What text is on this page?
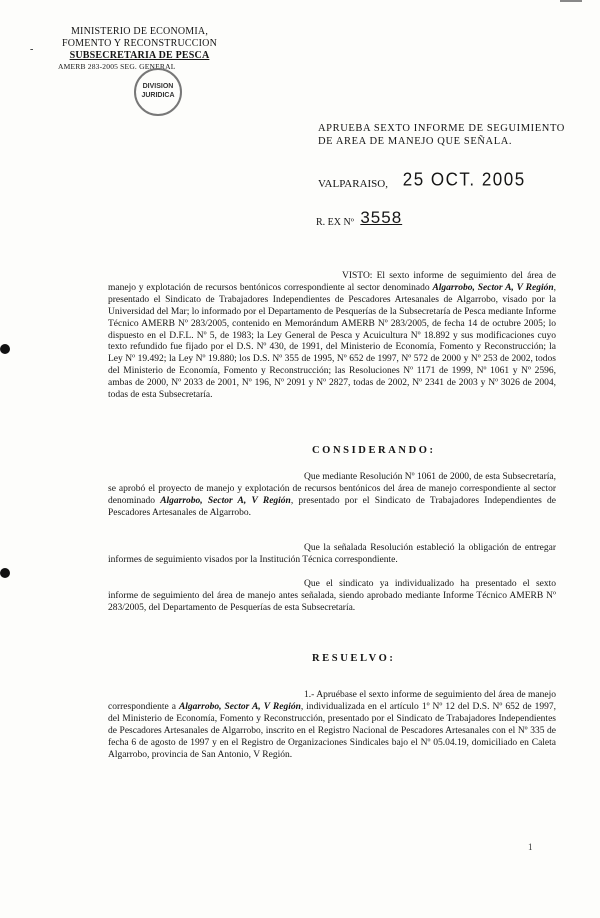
-
MINISTERIO DE ECONOMIA,
FOMENTO Y RECONSTRUCCION
SUBSECRETARIA DE PESCA
AMERB 283-2005 SEG. GENERAL
DIVISION
JURIDICA
APRUEBA SEXTO INFORME DE SEGUIMIENTO DE AREA DE MANEJO QUE SEÑALA.
VALPARAISO, 25 OCT. 2005
R. EX Nº 3558
VISTO: El sexto informe de seguimiento del área de manejo y explotación de recursos bentónicos correspondiente al sector denominado Algarrobo, Sector A, V Región, presentado el Sindicato de Trabajadores Independientes de Pescadores Artesanales de Algarrobo, visado por la Universidad del Mar; lo informado por el Departamento de Pesquerías de la Subsecretaría de Pesca mediante Informe Técnico AMERB Nº 283/2005, contenido en Memorándum AMERB Nº 283/2005, de fecha 14 de octubre 2005; lo dispuesto en el D.F.L. Nº 5, de 1983; la Ley General de Pesca y Acuicultura Nº 18.892 y sus modificaciones cuyo texto refundido fue fijado por el D.S. Nº 430, de 1991, del Ministerio de Economía, Fomento y Reconstrucción; la Ley Nº 19.492; la Ley Nº 19.880; los D.S. Nº 355 de 1995, Nº 652 de 1997, Nº 572 de 2000 y Nº 253 de 2002, todos del Ministerio de Economía, Fomento y Reconstrucción; las Resoluciones Nº 1171 de 1999, Nº 1061 y Nº 2596, ambas de 2000, Nº 2033 de 2001, Nº 196, Nº 2091 y Nº 2827, todas de 2002, Nº 2341 de 2003 y Nº 3026 de 2004, todas de esta Subsecretaría.
CONSIDERANDO:
Que mediante Resolución Nº 1061 de 2000, de esta Subsecretaría, se aprobó el proyecto de manejo y explotación de recursos bentónicos del área de manejo correspondiente al sector denominado Algarrobo, Sector A, V Región, presentado por el Sindicato de Trabajadores Independientes de Pescadores Artesanales de Algarrobo.
Que la señalada Resolución estableció la obligación de entregar informes de seguimiento visados por la Institución Técnica correspondiente.
Que el sindicato ya individualizado ha presentado el sexto informe de seguimiento del área de manejo antes señalada, siendo aprobado mediante Informe Técnico AMERB Nº 283/2005, del Departamento de Pesquerías de esta Subsecretaría.
RESUELVO:
1.- Apruébase el sexto informe de seguimiento del área de manejo correspondiente a Algarrobo, Sector A, V Región, individualizada en el artículo 1º Nº 12 del D.S. Nº 652 de 1997, del Ministerio de Economía, Fomento y Reconstrucción, presentado por el Sindicato de Trabajadores Independientes de Pescadores Artesanales de Algarrobo, inscrito en el Registro Nacional de Pescadores Artesanales con el Nº 335 de fecha 6 de agosto de 1997 y en el Registro de Organizaciones Sindicales bajo el Nº 05.04.19, domiciliado en Caleta Algarrobo, provincia de San Antonio, V Región.
1
